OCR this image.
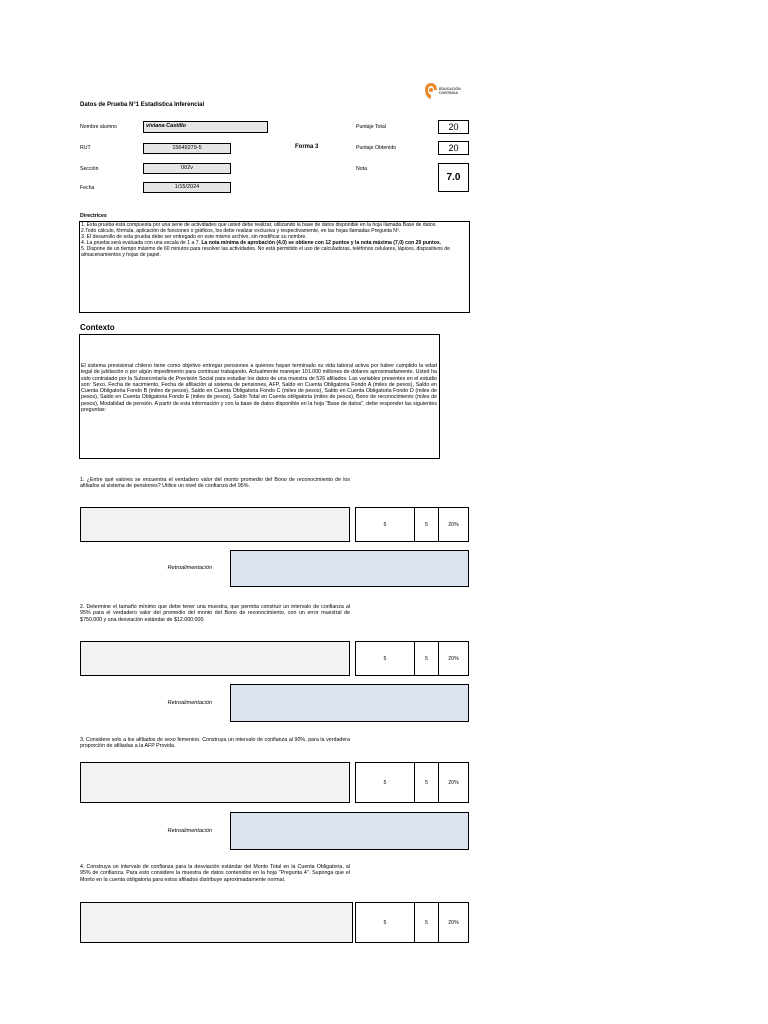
EDUCACIÓN
CONTINUA
Datos de Prueba N°1 Estadistica Inferencial
Nombre alumno	viviana Castillo
RUT	15649279-5
Sección	002v
Fecha	1/15/2024
Forma 3
Puntaje Total	20
Puntaje Obtenido	20
Nota
7.0
Directrices
1. Esta prueba está compuesta por una serie de actividades que usted debe realizar, utilizando la base de datos disponible en la hoja llamada Base de datos.
2.Todo cálculo, fórmula, aplicación de funciones o gráficos, los debe realizar exclusiva y respectivamente, en las hojas llamadas Pregunta Nº.
3. El desarrollo de esta prueba debe ser entregado en este mismo archivo, sin modificar su nombre.
4. La prueba será evaluada con una escala de 1 a 7. La nota mínima de aprobación (4,0) se obtiene con 12 puntos y la nota máxima (7,0) con 20 puntos.
5. Dispone de un tiempo máximo de 60 minutos para resolver las actividades. No está permitido el uso de calculadoras, teléfonos celulares, lápices, dispositivos de almacenamientos y hojas de papel.
Contexto
El sistema previsional chileno tiene como objetivo entregar pensiones a quienes hayan terminado su vida laboral activa por haber cumplido la edad legal de jubilación o por algún impedimento para continuar trabajando. Actualmente manejan 101.000 millones de dólares aproximadamente. Usted ha sido contratado por la Subsecretaría de Previsión Social para estudiar los datos de una muestra de 526 afiliados. Las variables presentes en el estudio son: Sexo, Fecha de nacimiento, Fecha de afiliación al sistema de pensiones, AFP, Saldo en Cuenta Obligatoria Fondo A (miles de pesos), Saldo en Cuenta Obligatoria Fondo B (miles de pesos), Saldo en Cuenta Obligatoria Fondo C (miles de pesos), Saldo en Cuenta Obligatoria Fondo D (miles de pesos), Saldo en Cuenta Obligatoria Fondo E (miles de pesos), Saldo Total en Cuenta obligatoria (miles de pesos), Bono de reconocimiento (miles de pesos), Modalidad de pensión. A partir de esta información y con la base de datos disponible en la hoja "Base de datos", debe responder las siguientes preguntas:
1. ¿Entre qué valores se encuentra el verdadero valor del monto promedio del Bono de reconocimiento de los afiliados al sistema de pensiones? Utilice un nivel de confianza del 95%.
5	5	20%
Retroalimentación
2. Determine el tamaño mínimo que debe tener una muestra, que permita construir un intervalo de confianza al 95% para el verdadero valor del promedio del monto del Bono de reconocimiento, con un error muestral de $750.000 y una desviación estándar de $12.000.000.
5	5	20%
Retroalimentación
3. Considere solo a los afiliados de sexo femenino. Construya un intervalo de confianza al 90%, para la verdadera proporción de afiliadas a la AFP Provida.
5	5	20%
Retroalimentación
4. Construya un intervalo de confianza para la desviación estándar del Monto Total en la Cuenta Obligatoria, al 95% de confianza. Para esto considere la muestra de datos contenidos en la hoja "Pregunta 4". Suponga que el Monto en la cuenta obligatoria para estos afiliados distribuye aproximadamente normal.
5	5	20%
